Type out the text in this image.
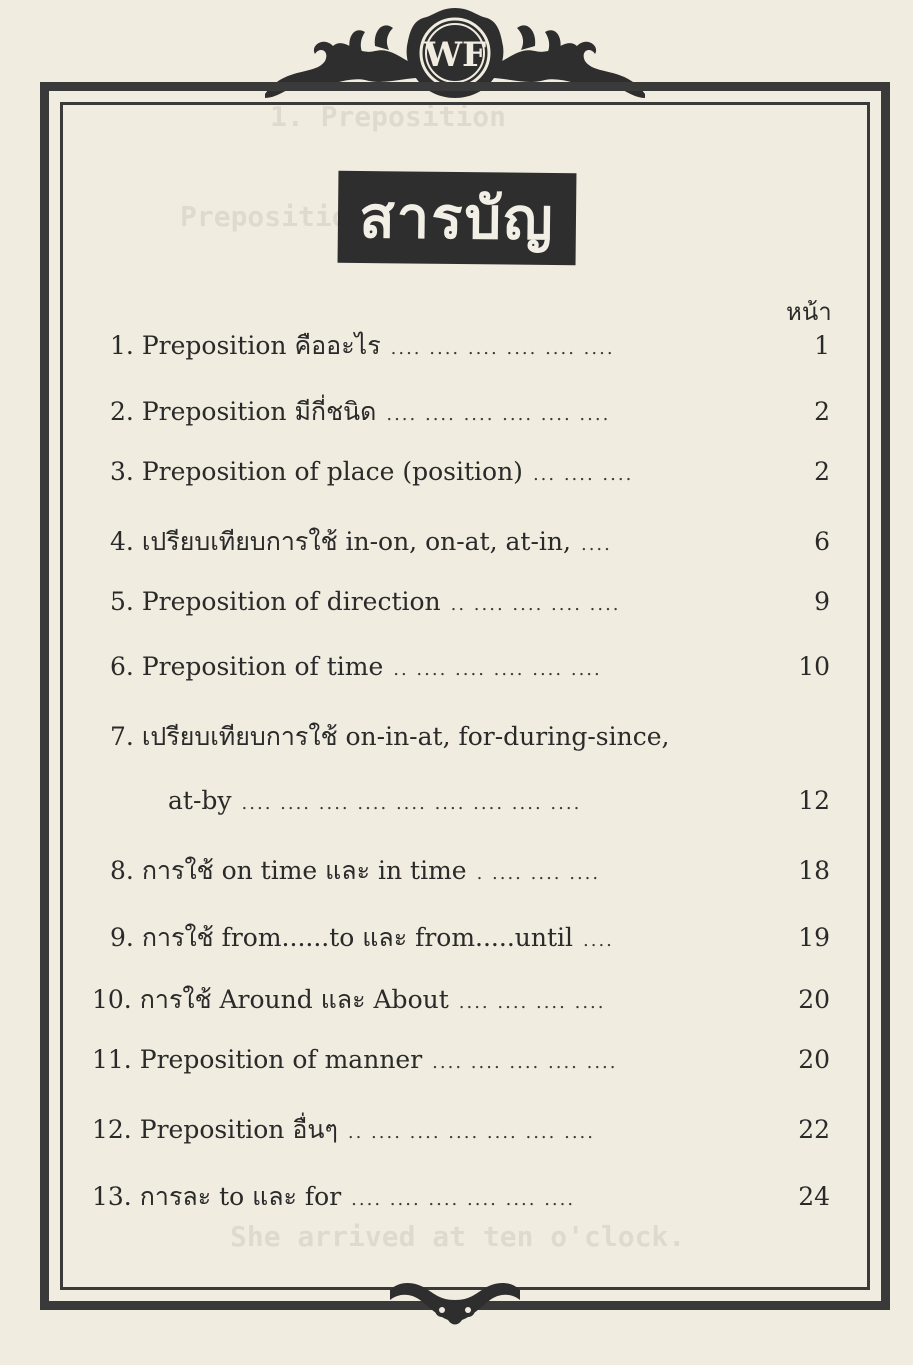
1. Preposition
Preposition
She arrived at ten o'clock.
WF
สารบัญ
หน้า
1. Preposition คืออะไร .... .... .... .... .... ....	1
2. Preposition มีกี่ชนิด .... .... .... .... .... ....	2
3. Preposition of place (position) ... .... ....	2
4. เปรียบเทียบการใช้ in-on, on-at, at-in, ....	6
5. Preposition of direction .. .... .... .... ....	9
6. Preposition of time .. .... .... .... .... ....	10
7. เปรียบเทียบการใช้ on-in-at, for-during-since,
at-by .... .... .... .... .... .... .... .... ....	12
8. การใช้ on time และ in time . .... .... ....	18
9. การใช้ from......to และ from.....until ....	19
10. การใช้ Around และ About .... .... .... ....	20
11. Preposition of manner .... .... .... .... ....	20
12. Preposition อื่นๆ .. .... .... .... .... .... ....	22
13. การละ to และ for .... .... .... .... .... ....	24
